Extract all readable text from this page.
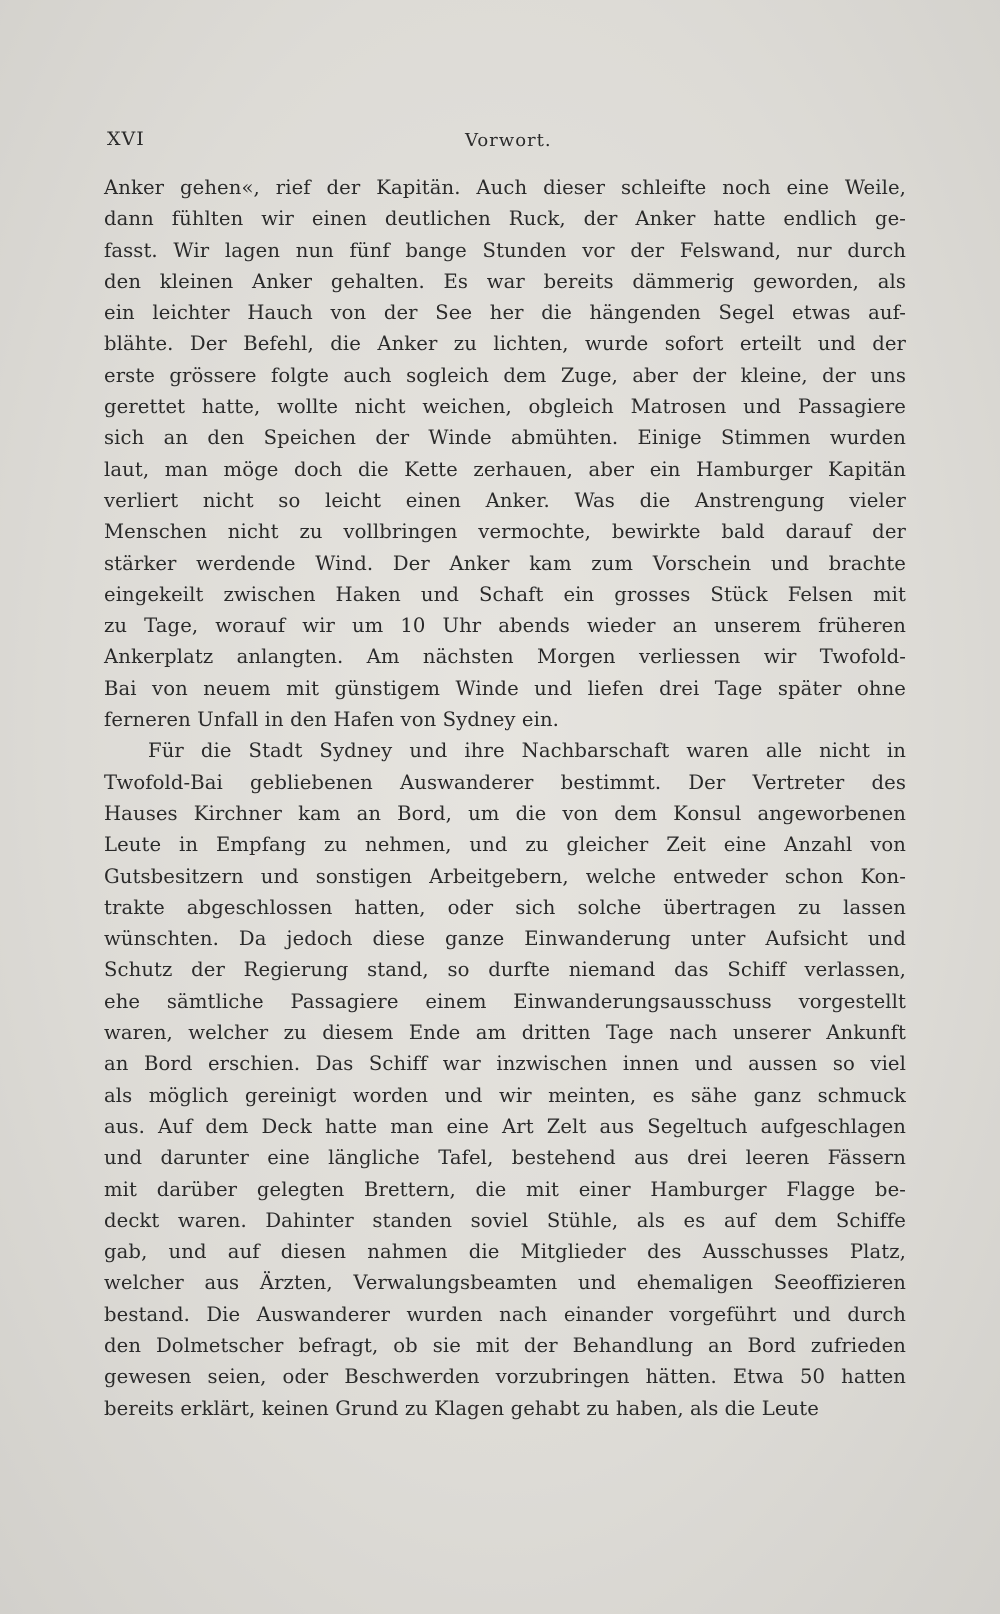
XVI	Vorwort.
Anker gehen«, rief der Kapitän. Auch dieser schleifte noch eine Weile,
dann fühlten wir einen deutlichen Ruck, der Anker hatte endlich ge-
fasst. Wir lagen nun fünf bange Stunden vor der Felswand, nur durch
den kleinen Anker gehalten. Es war bereits dämmerig geworden, als
ein leichter Hauch von der See her die hängenden Segel etwas auf-
blähte. Der Befehl, die Anker zu lichten, wurde sofort erteilt und der
erste grössere folgte auch sogleich dem Zuge, aber der kleine, der uns
gerettet hatte, wollte nicht weichen, obgleich Matrosen und Passagiere
sich an den Speichen der Winde abmühten. Einige Stimmen wurden
laut, man möge doch die Kette zerhauen, aber ein Hamburger Kapitän
verliert nicht so leicht einen Anker. Was die Anstrengung vieler
Menschen nicht zu vollbringen vermochte, bewirkte bald darauf der
stärker werdende Wind. Der Anker kam zum Vorschein und brachte
eingekeilt zwischen Haken und Schaft ein grosses Stück Felsen mit
zu Tage, worauf wir um 10 Uhr abends wieder an unserem früheren
Ankerplatz anlangten. Am nächsten Morgen verliessen wir Twofold-
Bai von neuem mit günstigem Winde und liefen drei Tage später ohne
ferneren Unfall in den Hafen von Sydney ein.
Für die Stadt Sydney und ihre Nachbarschaft waren alle nicht in
Twofold-Bai gebliebenen Auswanderer bestimmt. Der Vertreter des
Hauses Kirchner kam an Bord, um die von dem Konsul angeworbenen
Leute in Empfang zu nehmen, und zu gleicher Zeit eine Anzahl von
Gutsbesitzern und sonstigen Arbeitgebern, welche entweder schon Kon-
trakte abgeschlossen hatten, oder sich solche übertragen zu lassen
wünschten. Da jedoch diese ganze Einwanderung unter Aufsicht und
Schutz der Regierung stand, so durfte niemand das Schiff verlassen,
ehe sämtliche Passagiere einem Einwanderungsausschuss vorgestellt
waren, welcher zu diesem Ende am dritten Tage nach unserer Ankunft
an Bord erschien. Das Schiff war inzwischen innen und aussen so viel
als möglich gereinigt worden und wir meinten, es sähe ganz schmuck
aus. Auf dem Deck hatte man eine Art Zelt aus Segeltuch aufgeschlagen
und darunter eine längliche Tafel, bestehend aus drei leeren Fässern
mit darüber gelegten Brettern, die mit einer Hamburger Flagge be-
deckt waren. Dahinter standen soviel Stühle, als es auf dem Schiffe
gab, und auf diesen nahmen die Mitglieder des Ausschusses Platz,
welcher aus Ärzten, Verwalungsbeamten und ehemaligen Seeoffizieren
bestand. Die Auswanderer wurden nach einander vorgeführt und durch
den Dolmetscher befragt, ob sie mit der Behandlung an Bord zufrieden
gewesen seien, oder Beschwerden vorzubringen hätten. Etwa 50 hatten
bereits erklärt, keinen Grund zu Klagen gehabt zu haben, als die Leute
